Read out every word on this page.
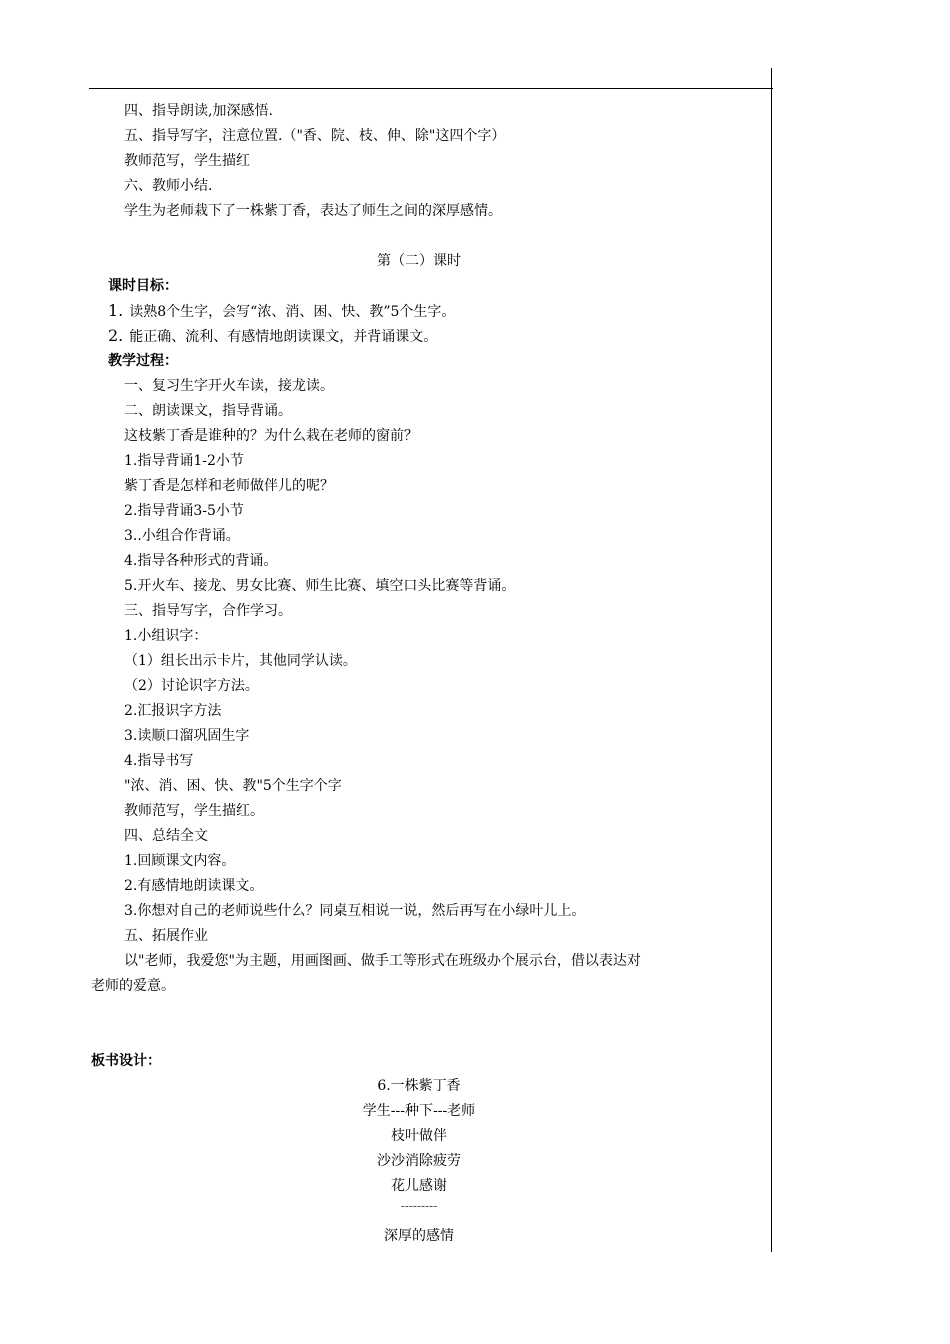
四、指导朗读,加深感悟.
五、指导写字，注意位置.（"香、院、枝、伸、除"这四个字）
教师范写，学生描红
六、教师小结.
学生为老师栽下了一株紫丁香，表达了师生之间的深厚感情。
第（二）课时
课时目标：
1. 读熟8个生字，会写“浓、消、困、快、教”5个生字。
2. 能正确、流利、有感情地朗读课文，并背诵课文。
教学过程：
一、复习生字开火车读，接龙读。
二、朗读课文，指导背诵。
这枝紫丁香是谁种的？为什么栽在老师的窗前？
1.指导背诵1-2小节
紫丁香是怎样和老师做伴儿的呢？
2.指导背诵3-5小节
3..小组合作背诵。
4.指导各种形式的背诵。
5.开火车、接龙、男女比赛、师生比赛、填空口头比赛等背诵。
三、指导写字，合作学习。
1.小组识字：
（1）组长出示卡片，其他同学认读。
（2）讨论识字方法。
2.汇报识字方法
3.读顺口溜巩固生字
4.指导书写
"浓、消、困、快、教"5个生字个字
教师范写，学生描红。
四、总结全文
1.回顾课文内容。
2.有感情地朗读课文。
3.你想对自己的老师说些什么？同桌互相说一说，然后再写在小绿叶儿上。
五、拓展作业
以"老师，我爱您"为主题，用画图画、做手工等形式在班级办个展示台，借以表达对
老师的爱意。
板书设计：
6.一株紫丁香
学生---种下---老师
枝叶做伴
沙沙消除疲劳
花儿感谢
---------
深厚的感情
